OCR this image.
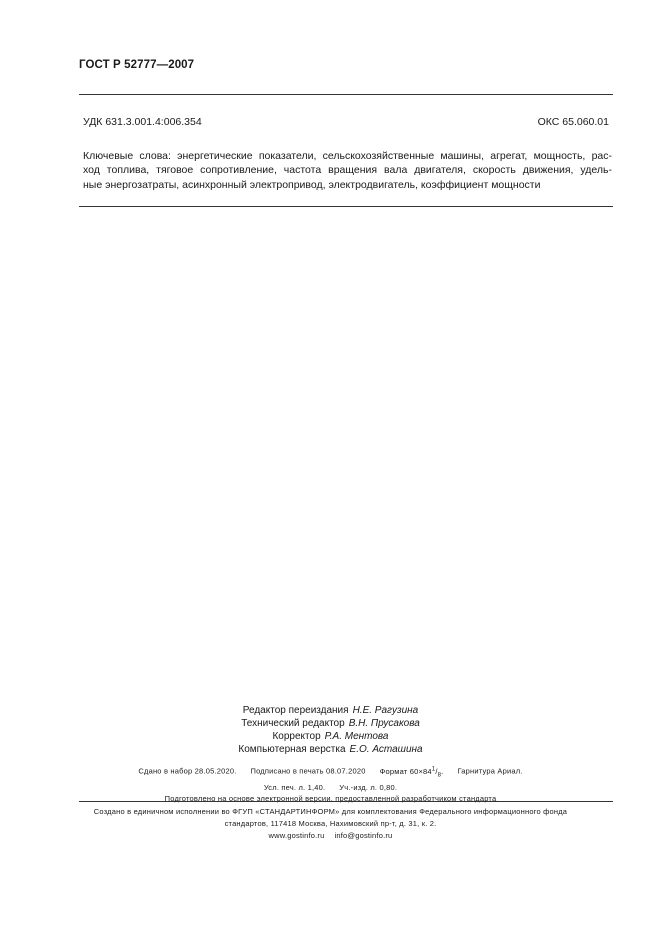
ГОСТ Р 52777—2007
УДК 631.3.001.4:006.354	ОКС 65.060.01
Ключевые слова: энергетические показатели, сельскохозяйственные машины, агрегат, мощность, рас-
ход топлива, тяговое сопротивление, частота вращения вала двигателя, скорость движения, удель-
ные энергозатраты, асинхронный электропривод, электродвигатель, коэффициент мощности
Редактор переиздания Н.Е. Рагузина
Технический редактор В.Н. Прусакова
Корректор Р.А. Ментова
Компьютерная верстка Е.О. Асташина
Сдано в набор 28.05.2020. Подписано в печать 08.07.2020 Формат $60\times 84^1/_8$. Гарнитура Ариал.
Усл. печ. л. 1,40. Уч.-изд. л. 0,80.
Подготовлено на основе электронной версии, предоставленной разработчиком стандарта
Создано в единичном исполнении во ФГУП «СТАНДАРТИНФОРМ» для комплектования Федерального информационного фонда
стандартов, 117418 Москва, Нахимовский пр-т, д. 31, к. 2.
www.gostinfo.ru info@gostinfo.ru
